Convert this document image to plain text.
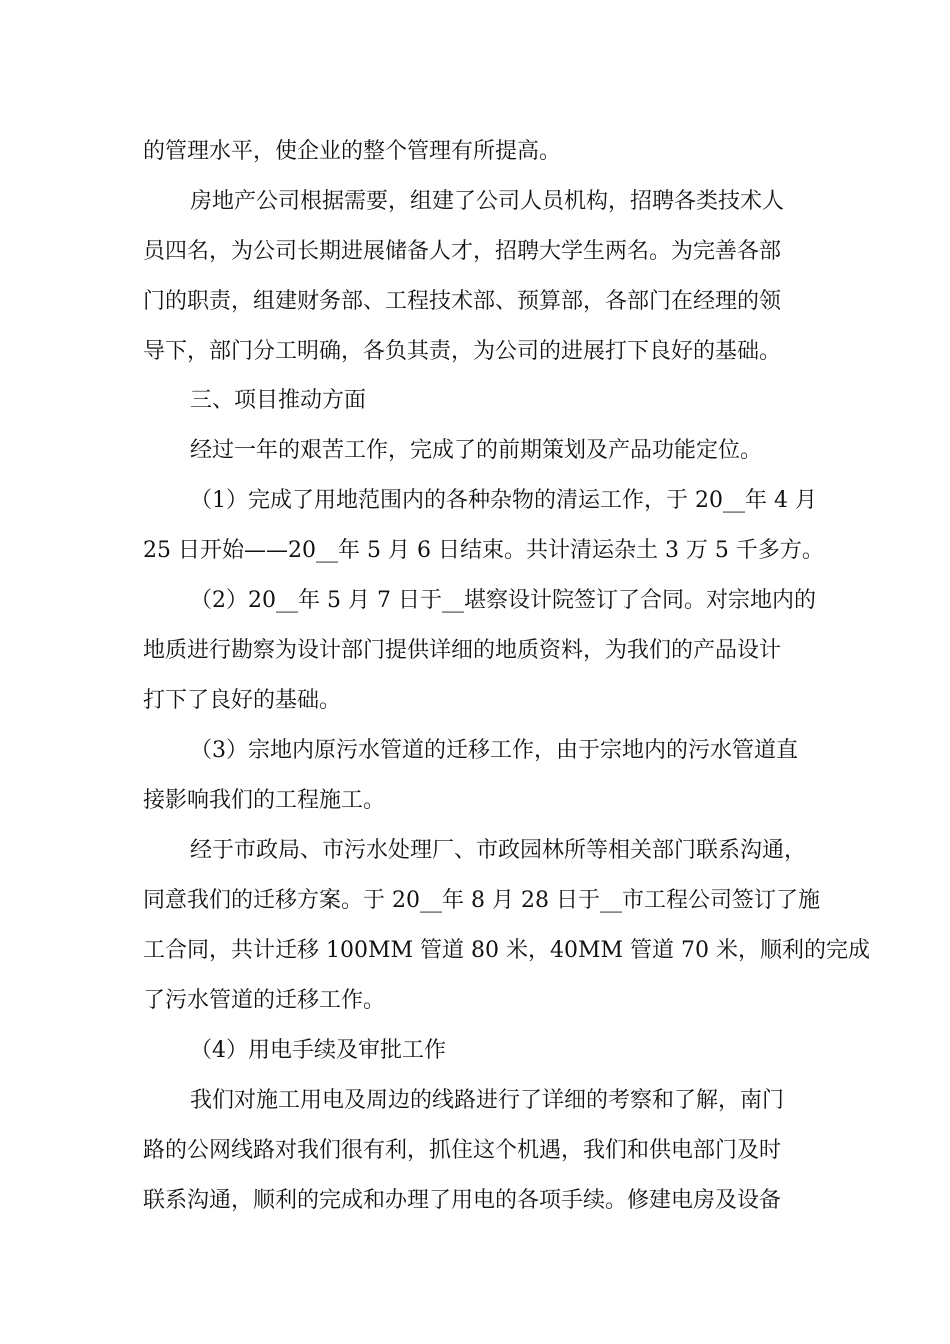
的管理水平，使企业的整个管理有所提高。
房地产公司根据需要，组建了公司人员机构，招聘各类技术人
员四名，为公司长期进展储备人才，招聘大学生两名。为完善各部
门的职责，组建财务部、工程技术部、预算部，各部门在经理的领
导下，部门分工明确，各负其责，为公司的进展打下良好的基础。
三、项目推动方面
经过一年的艰苦工作，完成了的前期策划及产品功能定位。
（1）完成了用地范围内的各种杂物的清运工作，于 20__年 4 月
25 日开始——20__年 5 月 6 日结束。共计清运杂土 3 万 5 千多方。
（2）20__年 5 月 7 日于__堪察设计院签订了合同。对宗地内的
地质进行勘察为设计部门提供详细的地质资料，为我们的产品设计
打下了良好的基础。
（3）宗地内原污水管道的迁移工作，由于宗地内的污水管道直
接影响我们的工程施工。
经于市政局、市污水处理厂、市政园林所等相关部门联系沟通，
同意我们的迁移方案。于 20__年 8 月 28 日于__市工程公司签订了施
工合同，共计迁移 100MM 管道 80 米，40MM 管道 70 米，顺利的完成
了污水管道的迁移工作。
（4）用电手续及审批工作
我们对施工用电及周边的线路进行了详细的考察和了解，南门
路的公网线路对我们很有利，抓住这个机遇，我们和供电部门及时
联系沟通，顺利的完成和办理了用电的各项手续。修建电房及设备
